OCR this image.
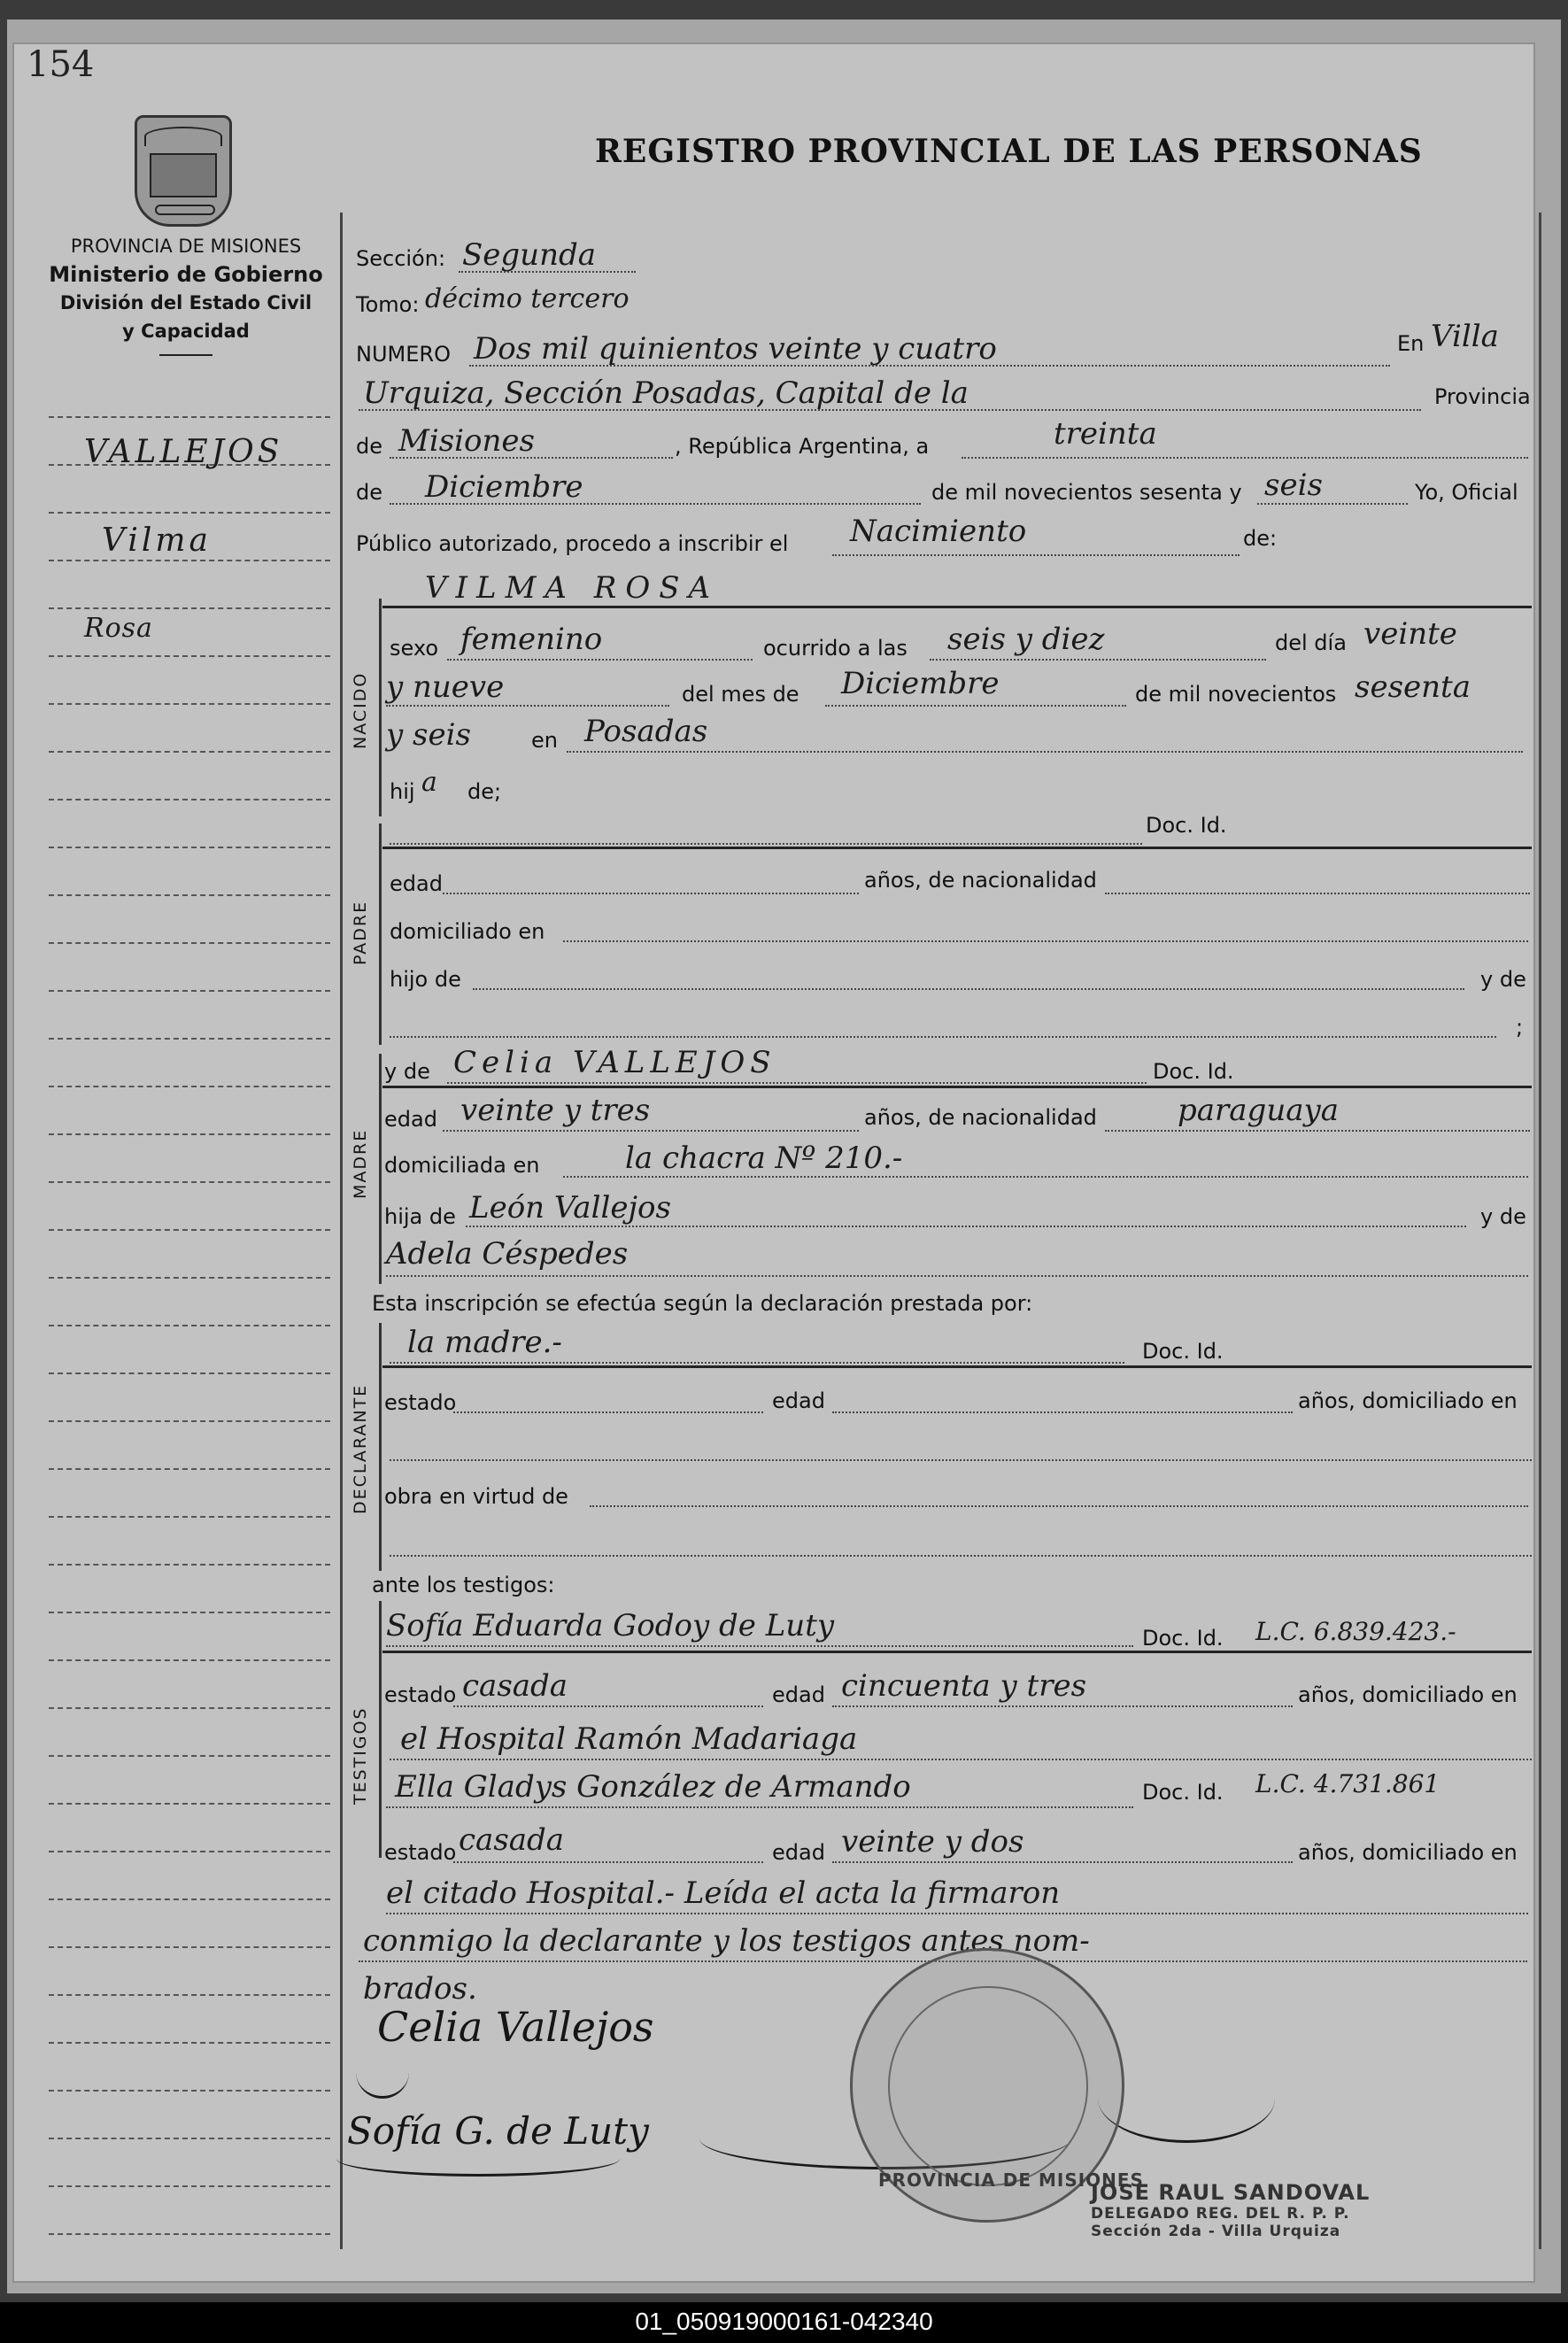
154
REGISTRO PROVINCIAL DE LAS PERSONAS
PROVINCIA DE MISIONES
Ministerio de Gobierno
División del Estado Civil
y Capacidad
VALLEJOS
Vilma
Rosa
Sección: Segunda
Tomo: décimo tercero
NUMERO Dos mil quinientos veinte y cuatro	En Villa
Urquiza, Sección Posadas, Capital de la	Provincia
de Misiones	, República Argentina, a	treinta
de Diciembre	de mil novecientos sesenta y seis	Yo, Oficial
Público autorizado, procedo a inscribir el Nacimiento	de:
VILMA ROSA
NACIDO
sexo femenino	ocurrido a las seis y diez	del día veinte
y nueve	del mes de Diciembre	de mil novecientos sesenta
y seis	en Posadas
hij a de;
PADRE
Doc. Id.
edad	años, de nacionalidad
domiciliado en
hijo de	y de
;
MADRE
y de Celia VALLEJOS	Doc. Id.
edad veinte y tres	años, de nacionalidad	paraguaya
domiciliada en	la chacra Nº 210.-
hija de León Vallejos	y de
Adela Céspedes
Esta inscripción se efectúa según la declaración prestada por:
DECLARANTE
la madre.-	Doc. Id.
estado	edad	años, domiciliado en
obra en virtud de
ante los testigos:
TESTIGOS
Sofía Eduarda Godoy de Luty	Doc. Id. L.C. 6.839.423.-
estado casada	edad cincuenta y tres	años, domiciliado en
el Hospital Ramón Madariaga
Ella Gladys González de Armando	Doc. Id. L.C. 4.731.861
estado casada	edad veinte y dos	años, domiciliado en
el citado Hospital.- Leída el acta la firmaron
conmigo la declarante y los testigos antes nom-
brados.
Celia Vallejos
Sofía G. de Luty
PROVINCIA DE MISIONES
JOSE RAUL SANDOVAL
DELEGADO REG. DEL R. P. P.
Sección 2da - Villa Urquiza
01_050919000161-042340
